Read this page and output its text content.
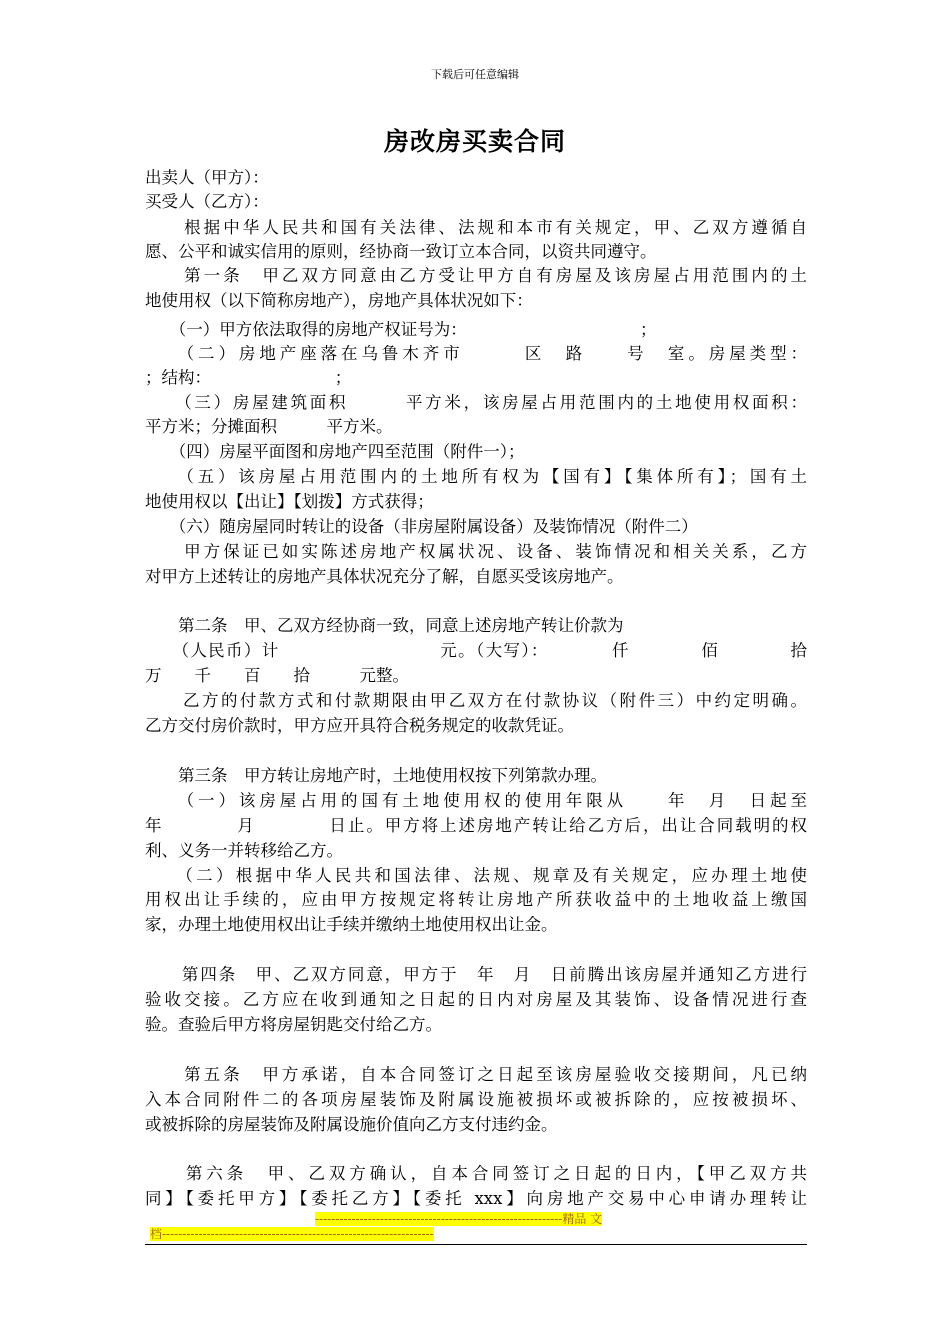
下载后可任意编辑
房改房买卖合同
出卖人（甲方）：
买受人（乙方）：
　　根据中华人民共和国有关法律、法规和本市有关规定，甲、乙双方遵循自
愿、公平和诚实信用的原则，经协商一致订立本合同，以资共同遵守。
　　第一条　甲乙双方同意由乙方受让甲方自有房屋及该房屋占用范围内的土
地使用权（以下简称房地产），房地产具体状况如下：
　　（一）甲方依法取得的房地产权证号为：　　　　　　　　　　　；
　　（二）房地产座落在乌鲁木齐市　　　区　路　　号　室。房屋类型：
；结构：　　　　　　　　；
　　（三）房屋建筑面积　　　平方米，该房屋占用范围内的土地使用权面积：
平方米；分摊面积　　　平方米。
　　（四）房屋平面图和房地产四至范围（附件一）；
　　（五）该房屋占用范围内的土地所有权为【国有】【集体所有】；国有土
地使用权以【出让】【划拨】方式获得；
　　（六）随房屋同时转让的设备（非房屋附属设备）及装饰情况（附件二）
　　甲方保证已如实陈述房地产权属状况、设备、装饰情况和相关关系，乙方
对甲方上述转让的房地产具体状况充分了解，自愿买受该房地产。
　　第二条　甲、乙双方经协商一致，同意上述房地产转让价款为
　　（人民币）计　　　　　　　　　元。（大写）：　　　　仟　　　　佰　　　　拾
万　　千　　百　　拾　　　元整。
　　乙方的付款方式和付款期限由甲乙双方在付款协议（附件三）中约定明确。
乙方交付房价款时，甲方应开具符合税务规定的收款凭证。
　　第三条　甲方转让房地产时，土地使用权按下列第款办理。
　　（一）该房屋占用的国有土地使用权的使用年限从　　年　月　日起至
年　　　　月　　　　日止。甲方将上述房地产转让给乙方后，出让合同载明的权
利、义务一并转移给乙方。
　　（二）根据中华人民共和国法律、法规、规章及有关规定，应办理土地使
用权出让手续的，应由甲方按规定将转让房地产所获收益中的土地收益上缴国
家，办理土地使用权出让手续并缴纳土地使用权出让金。
　　第四条　甲、乙双方同意，甲方于　年　月　日前腾出该房屋并通知乙方进行
验收交接。乙方应在收到通知之日起的日内对房屋及其装饰、设备情况进行查
验。查验后甲方将房屋钥匙交付给乙方。
　　第五条　甲方承诺，自本合同签订之日起至该房屋验收交接期间，凡已纳
入本合同附件二的各项房屋装饰及附属设施被损坏或被拆除的，应按被损坏、
或被拆除的房屋装饰及附属设施价值向乙方支付违约金。
　　第六条　甲、乙双方确认，自本合同签订之日起的日内，【甲乙双方共
同】【委托甲方】【委托乙方】【委托 xxx】向房地产交易中心申请办理转让
-------------------------------------------------------------精品 文
档-------------------------------------------------------------------
